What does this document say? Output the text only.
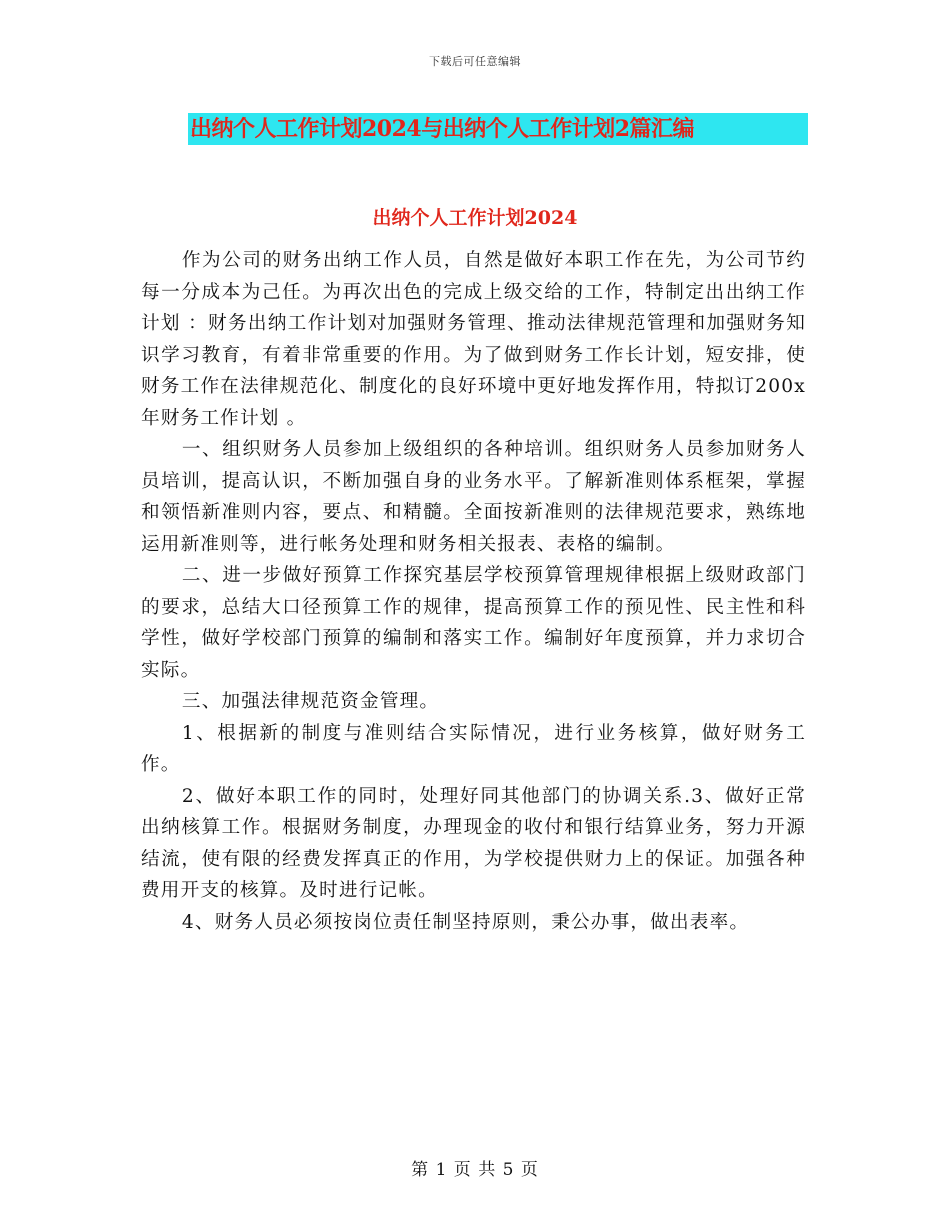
下载后可任意编辑
出纳个人工作计划2024与出纳个人工作计划2篇汇编
出纳个人工作计划2024

作为公司的财务出纳工作人员，自然是做好本职工作在先，为公司节约每一分成本为己任。为再次出色的完成上级交给的工作，特制定出出纳工作计划 ：财务出纳工作计划对加强财务管理、推动法律规范管理和加强财务知识学习教育，有着非常重要的作用。为了做到财务工作长计划，短安排，使财务工作在法律规范化、制度化的良好环境中更好地发挥作用，特拟订200x年财务工作计划 。

一、组织财务人员参加上级组织的各种培训。组织财务人员参加财务人员培训，提高认识，不断加强自身的业务水平。了解新准则体系框架，掌握和领悟新准则内容，要点、和精髓。全面按新准则的法律规范要求，熟练地运用新准则等，进行帐务处理和财务相关报表、表格的编制。

二、进一步做好预算工作探究基层学校预算管理规律根据上级财政部门的要求，总结大口径预算工作的规律，提高预算工作的预见性、民主性和科学性，做好学校部门预算的编制和落实工作。编制好年度预算，并力求切合实际。

三、加强法律规范资金管理。

1、根据新的制度与准则结合实际情况，进行业务核算，做好财务工作。

2、做好本职工作的同时，处理好同其他部门的协调关系.3、做好正常出纳核算工作。根据财务制度，办理现金的收付和银行结算业务，努力开源结流，使有限的经费发挥真正的作用，为学校提供财力上的保证。加强各种费用开支的核算。及时进行记帐。

4、财务人员必须按岗位责任制坚持原则，秉公办事，做出表率。

第 1 页 共 5 页
